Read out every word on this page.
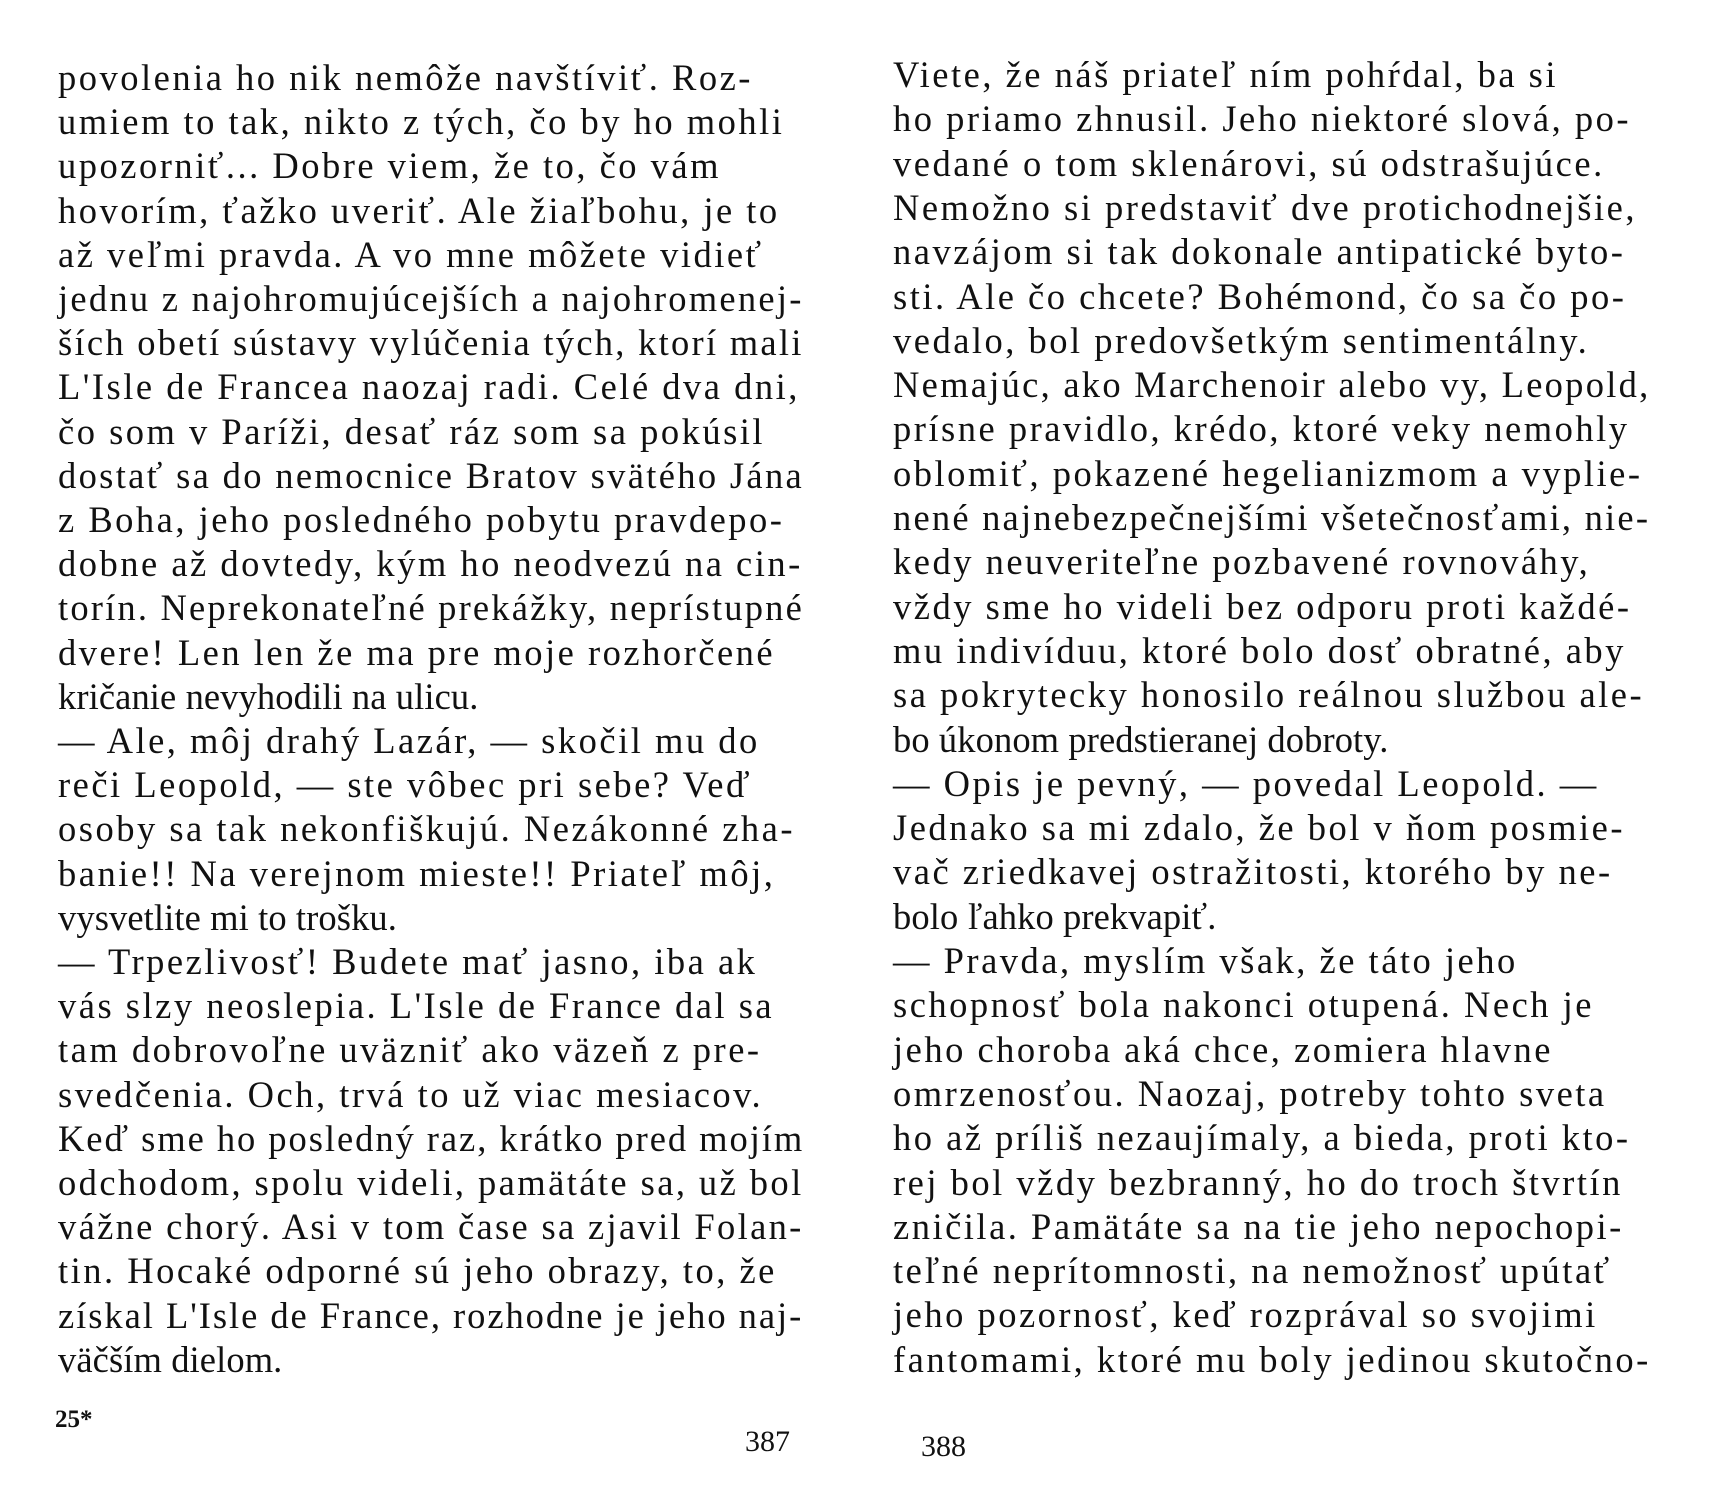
povolenia ho nik nemôže navštíviť. Roz-
umiem to tak, nikto z tých, čo by ho mohli
upozorniť... Dobre viem, že to, čo vám
hovorím, ťažko uveriť. Ale žiaľbohu, je to
až veľmi pravda. A vo mne môžete vidieť
jednu z najohromujúcejších a najohromenej-
ších obetí sústavy vylúčenia tých, ktorí mali
L'Isle de Francea naozaj radi. Celé dva dni,
čo som v Paríži, desať ráz som sa pokúsil
dostať sa do nemocnice Bratov svätého Jána
z Boha, jeho posledného pobytu pravdepo-
dobne až dovtedy, kým ho neodvezú na cin-
torín. Neprekonateľné prekážky, neprístupné
dvere! Len len že ma pre moje rozhorčené
kričanie nevyhodili na ulicu.
— Ale, môj drahý Lazár, — skočil mu do
reči Leopold, — ste vôbec pri sebe? Veď
osoby sa tak nekonfiškujú. Nezákonné zha-
banie!! Na verejnom mieste!! Priateľ môj,
vysvetlite mi to trošku.
— Trpezlivosť! Budete mať jasno, iba ak
vás slzy neoslepia. L'Isle de France dal sa
tam dobrovoľne uväzniť ako väzeň z pre-
svedčenia. Och, trvá to už viac mesiacov.
Keď sme ho posledný raz, krátko pred mojím
odchodom, spolu videli, pamätáte sa, už bol
vážne chorý. Asi v tom čase sa zjavil Folan-
tin. Hocaké odporné sú jeho obrazy, to, že
získal L'Isle de France, rozhodne je jeho naj-
väčším dielom.
25*
387
Viete, že náš priateľ ním pohŕdal, ba si
ho priamo zhnusil. Jeho niektoré slová, po-
vedané o tom sklenárovi, sú odstrašujúce.
Nemožno si predstaviť dve protichodnejšie,
navzájom si tak dokonale antipatické byto-
sti. Ale čo chcete? Bohémond, čo sa čo po-
vedalo, bol predovšetkým sentimentálny.
Nemajúc, ako Marchenoir alebo vy, Leopold,
prísne pravidlo, krédo, ktoré veky nemohly
oblomiť, pokazené hegelianizmom a vyplie-
nené najnebezpečnejšími všetečnosťami, nie-
kedy neuveriteľne pozbavené rovnováhy,
vždy sme ho videli bez odporu proti každé-
mu indivíduu, ktoré bolo dosť obratné, aby
sa pokrytecky honosilo reálnou službou ale-
bo úkonom predstieranej dobroty.
— Opis je pevný, — povedal Leopold. —
Jednako sa mi zdalo, že bol v ňom posmie-
vač zriedkavej ostražitosti, ktorého by ne-
bolo ľahko prekvapiť.
— Pravda, myslím však, že táto jeho
schopnosť bola nakonci otupená. Nech je
jeho choroba aká chce, zomiera hlavne
omrzenosťou. Naozaj, potreby tohto sveta
ho až príliš nezaujímaly, a bieda, proti kto-
rej bol vždy bezbranný, ho do troch štvrtín
zničila. Pamätáte sa na tie jeho nepochopi-
teľné neprítomnosti, na nemožnosť upútať
jeho pozornosť, keď rozprával so svojimi
fantomami, ktoré mu boly jedinou skutočno-
388
